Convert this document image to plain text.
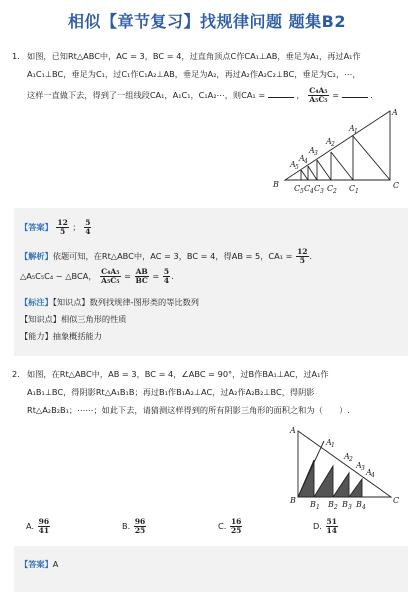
相似【章节复习】找规律问题 题集B2
1. 如图，已知Rt△ABC中，AC = 3，BC = 4，过直角顶点C作CA₁⊥AB，垂足为A₁，再过A₁作
A₁C₁⊥BC，垂足为C₁，过C₁作C₁A₂⊥AB，垂足为A₂，再过A₂作A₂C₂⊥BC，垂足为C₂，⋯，
这样一直做下去，得到了一组线段CA₁，A₁C₁，C₁A₂⋯，则CA₁ =	， $\frac{\text{C₄A₅}}{\text{A₅C₅}}$ =	．
A
B	C
A 1
A 2
A 3
A 4
A 5
C 1
C 2
C 3
C 4
C 5
【答案】 $\frac{12}{5}$ ； $\frac{5}{4}$
【解析】依题可知，在Rt△ABC中，AC = 3，BC = 4，得AB = 5，$CA_1 = \frac{12}{5}$ ．
△A₅C₅C₄ ∽ △BCA， $\frac{\text{C₄A₅}}{\text{A₅C₅}} = \frac{AB}{BC} = \frac{5}{4}$ ．
【标注】【知识点】数列找规律-图形类的等比数列
【知识点】相似三角形的性质
【能力】抽象概括能力
2. 如图，在Rt△ABC中，AB = 3，BC = 4，∠ABC = 90°，过B作BA₁⊥AC，过A₁作
A₁B₁⊥BC，得阴影Rt△A₁B₁B；再过B₁作B₁A₂⊥AC，过A₂作A₂B₂⊥BC，得阴影
Rt△A₂B₂B₁；⋯⋯；如此下去，请猜测这样得到的所有阴影三角形的面积之和为（　　）.
A
B	C
A 1
A 2
A 3 A 4
B 1 B 2 B 3 B 4
A. $\frac{96}{41}$	B. $\frac{96}{25}$	C. $\frac{16}{25}$	D. $\frac{51}{14}$
【答案】A
